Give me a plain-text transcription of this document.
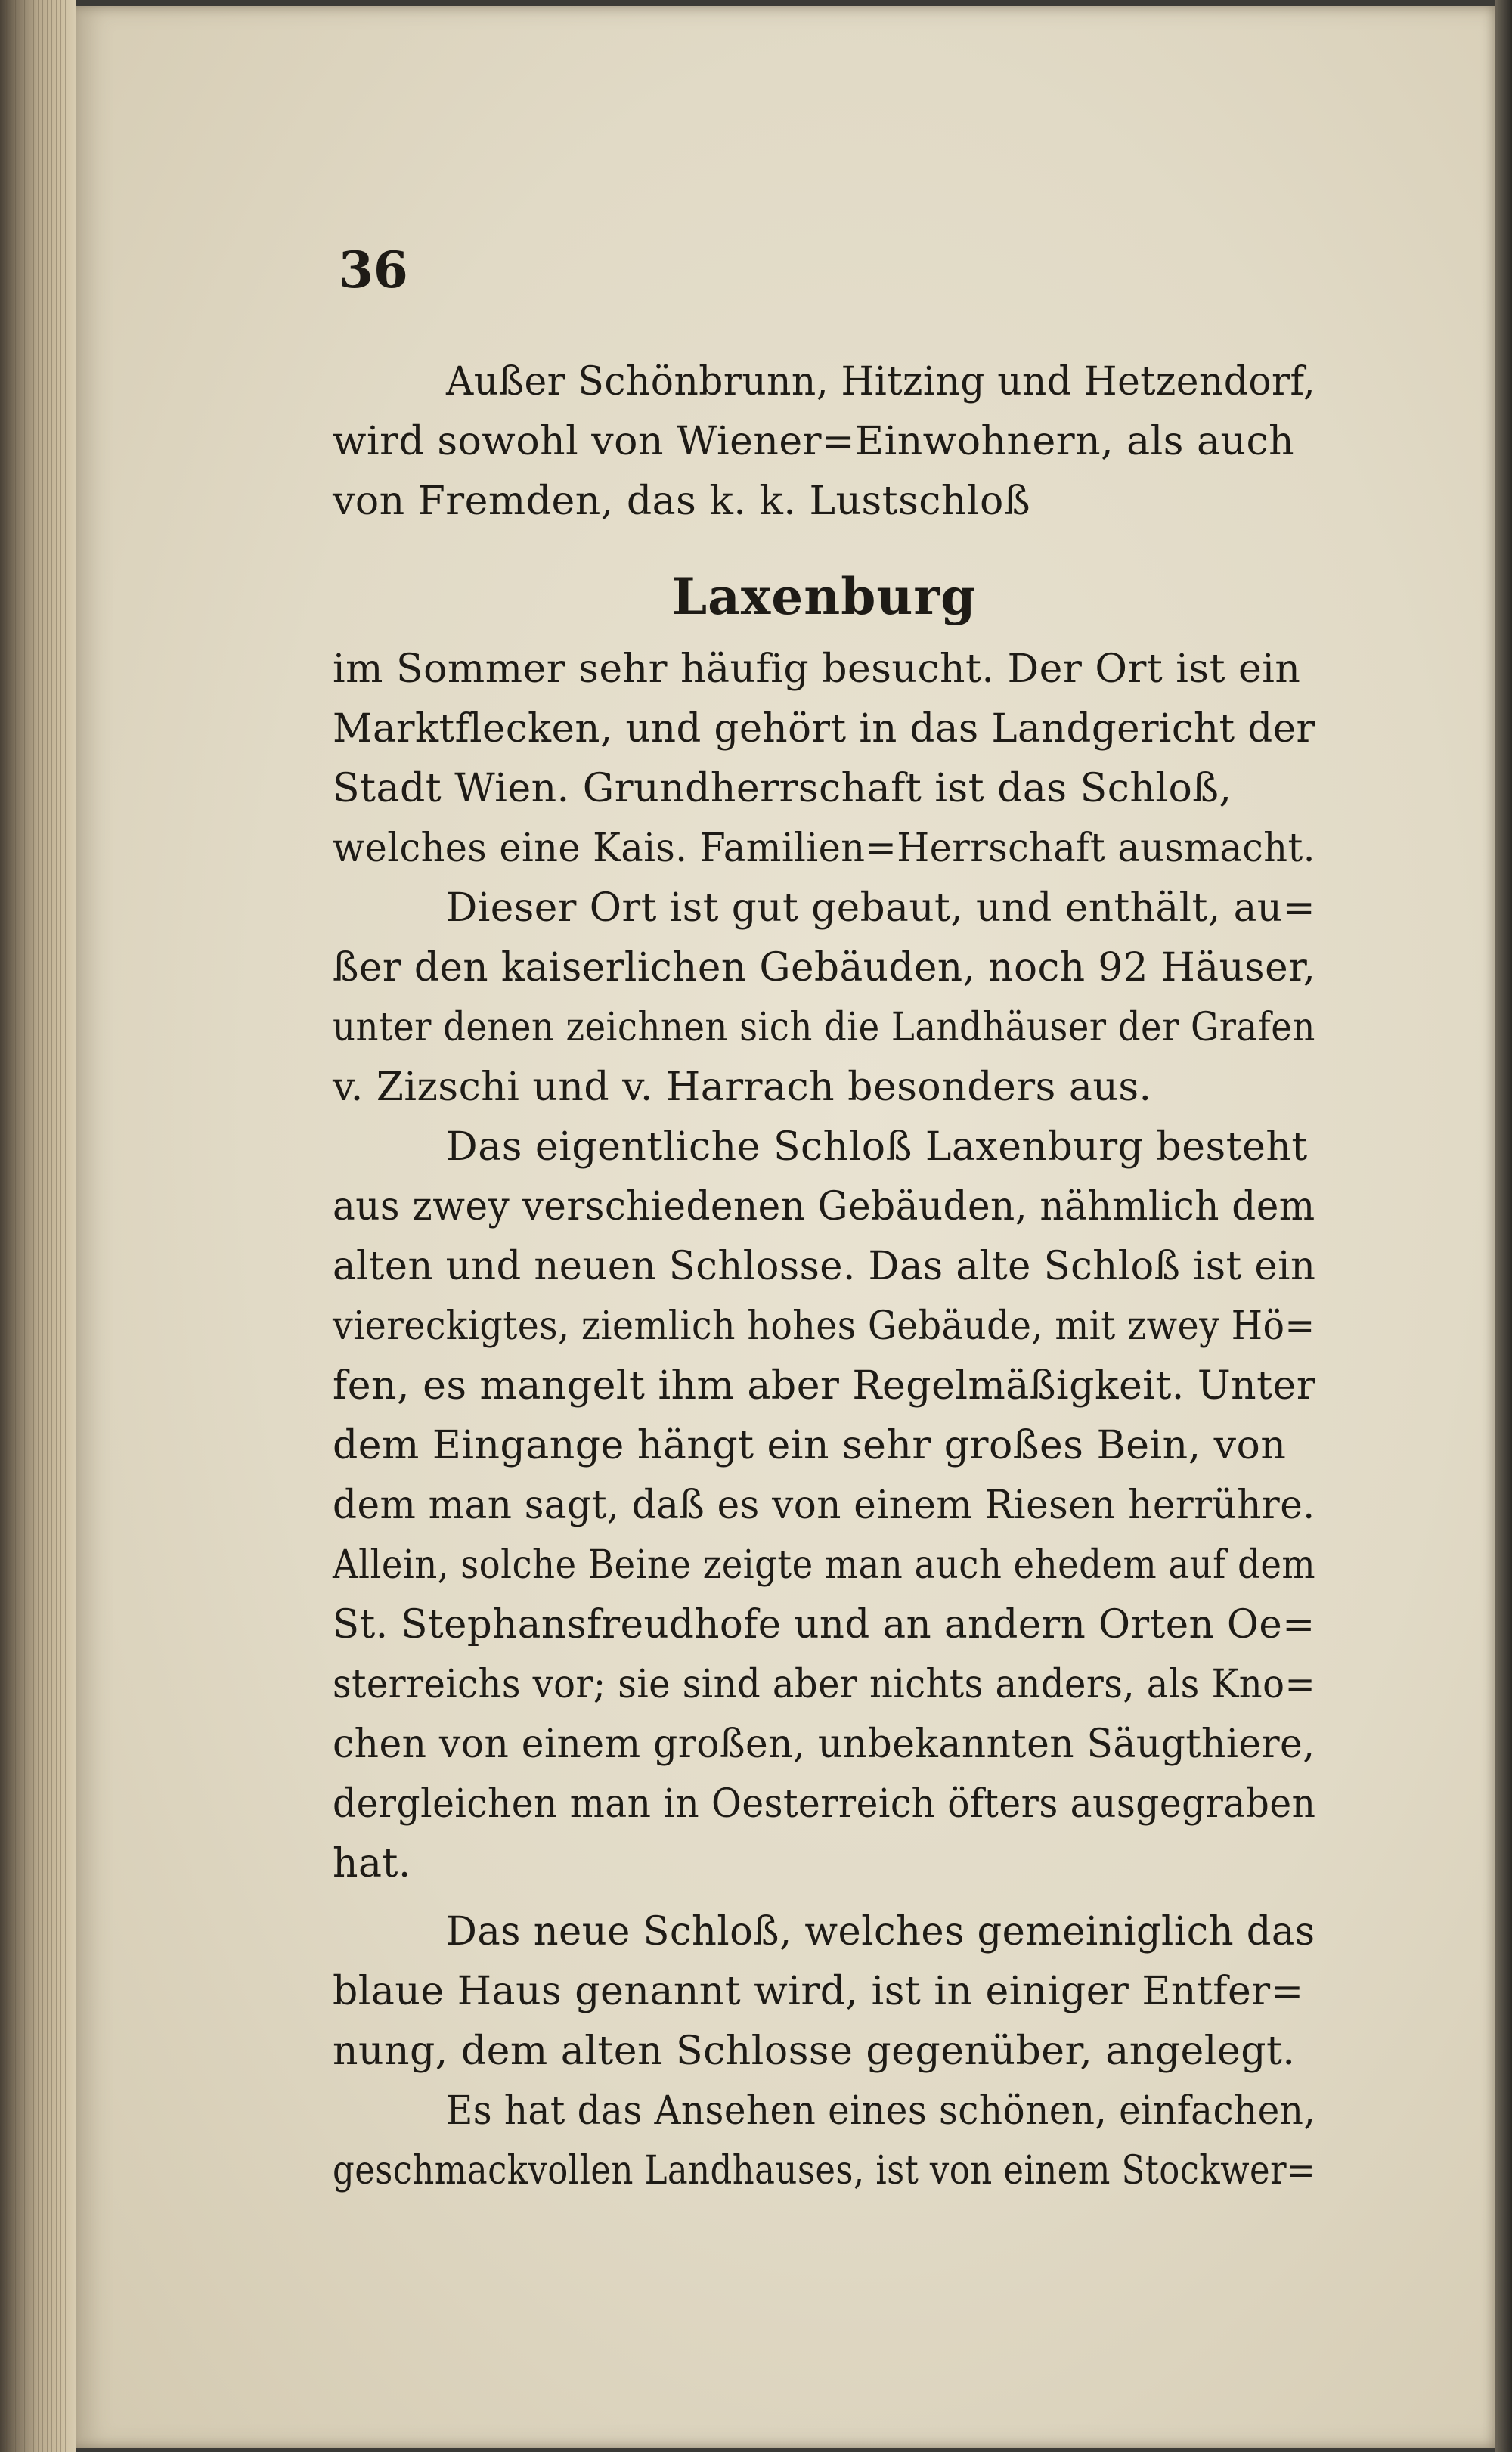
36
Außer Schönbrunn, Hitzing und Hetzendorf,
wird sowohl von Wiener=Einwohnern, als auch
von Fremden, das k. k. Lustschloß
Laxenburg
im Sommer sehr häufig besucht. Der Ort ist ein
Marktflecken, und gehört in das Landgericht der
Stadt Wien. Grundherrschaft ist das Schloß,
welches eine Kais. Familien=Herrschaft ausmacht.
Dieser Ort ist gut gebaut, und enthält, au=
ßer den kaiserlichen Gebäuden, noch 92 Häuser,
unter denen zeichnen sich die Landhäuser der Grafen
v. Zizschi und v. Harrach besonders aus.
Das eigentliche Schloß Laxenburg besteht
aus zwey verschiedenen Gebäuden, nähmlich dem
alten und neuen Schlosse. Das alte Schloß ist ein
viereckigtes, ziemlich hohes Gebäude, mit zwey Hö=
fen, es mangelt ihm aber Regelmäßigkeit. Unter
dem Eingange hängt ein sehr großes Bein, von
dem man sagt, daß es von einem Riesen herrühre.
Allein, solche Beine zeigte man auch ehedem auf dem
St. Stephansfreudhofe und an andern Orten Oe=
sterreichs vor; sie sind aber nichts anders, als Kno=
chen von einem großen, unbekannten Säugthiere,
dergleichen man in Oesterreich öfters ausgegraben
hat.
Das neue Schloß, welches gemeiniglich das
blaue Haus genannt wird, ist in einiger Entfer=
nung, dem alten Schlosse gegenüber, angelegt.
Es hat das Ansehen eines schönen, einfachen,
geschmackvollen Landhauses, ist von einem Stockwer=
